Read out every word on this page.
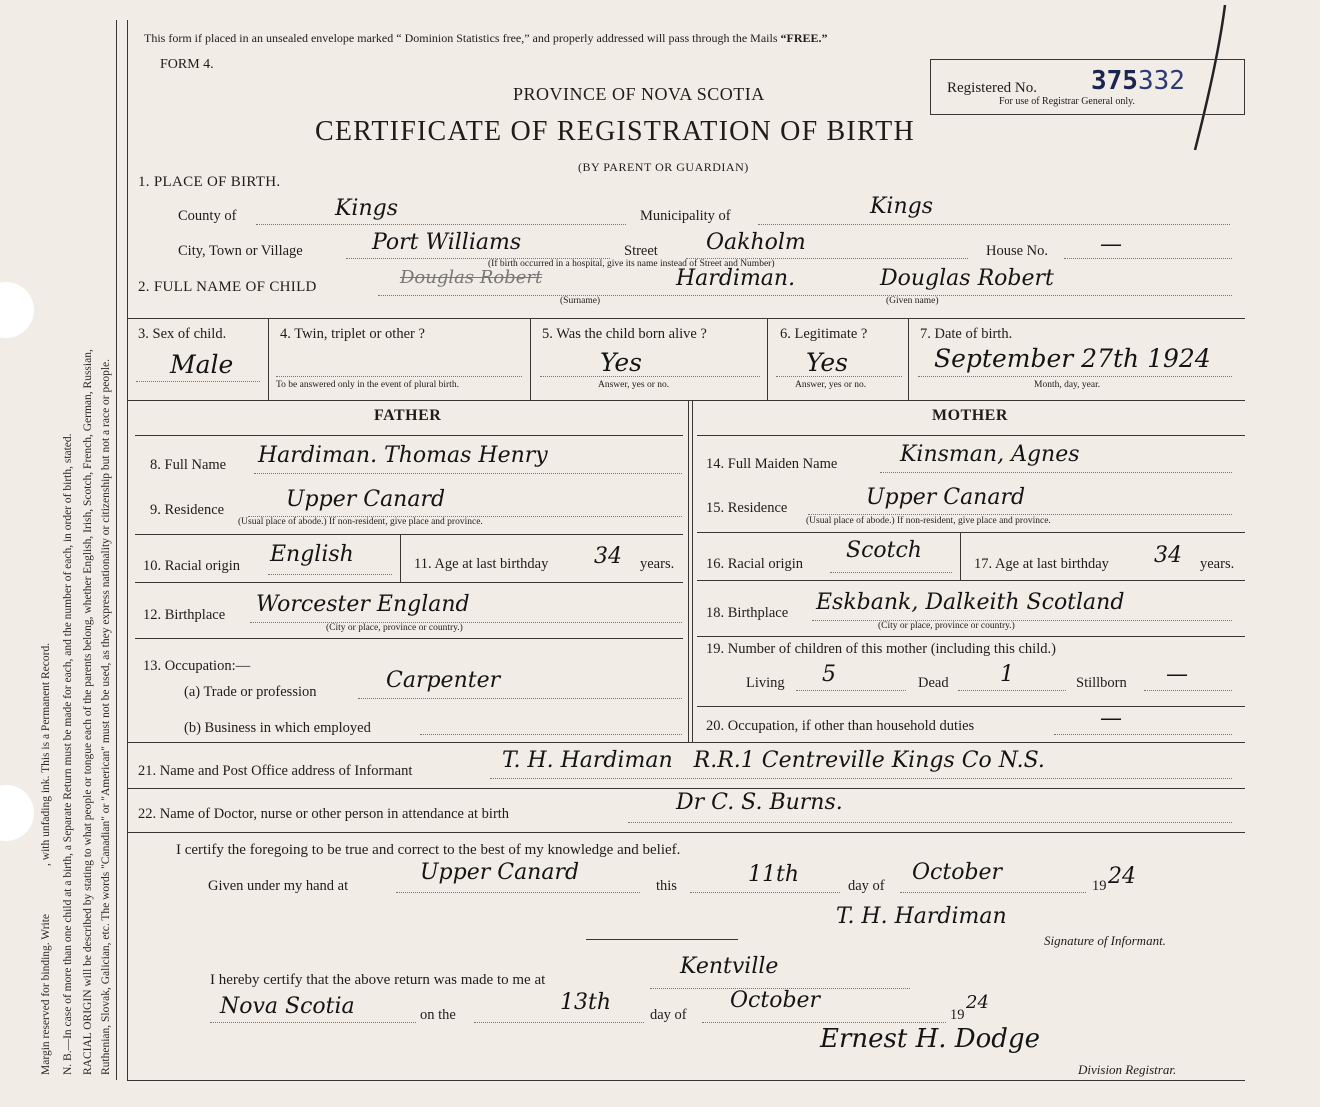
Margin reserved for binding. Write, with unfading ink. This is a Permanent Record. N. B.—In case of more than one child at a birth, a Separate Return must be made for each, and the number of each, in order of birth, stated. RACIAL ORIGIN will be described by stating to what people or tongue each of the parents belong, whether English, Irish, Scotch, French, German, Russian, Ruthenian, Slovak, Galician, etc. The words "Canadian" or "American" must not be used, as they express nationality or citizenship but not a race or people.
This form if placed in an unsealed envelope marked “ Dominion Statistics free,” and properly addressed will pass through the Mails “FREE.”
FORM 4.
PROVINCE OF NOVA SCOTIA
CERTIFICATE OF REGISTRATION OF BIRTH
(BY PARENT OR GUARDIAN)
Registered No. 375332
For use of Registrar General only.
1. PLACE OF BIRTH.
County of	Kings	Municipality of	Kings
City, Town or Village	Port Williams	Street Oakholm	House No. —
(If birth occurred in a hospital, give its name instead of Street and Number)
2. FULL NAME OF CHILD	Douglas Robert	Hardiman.	Douglas Robert
(Surname)	(Given name)
3. Sex of child.
Male
4. Twin, triplet or other ?
To be answered only in the event of plural birth.
5. Was the child born alive ?
Yes
Answer, yes or no.
6. Legitimate ?
Yes
Answer, yes or no.
7. Date of birth.
September 27th 1924
Month, day, year.
FATHER	MOTHER
8. Full Name Hardiman. Thomas Henry
9. Residence	Upper Canard
(Usual place of abode.) If non-resident, give place and province.
10. Racial origin English	11. Age at last birthday 34 years.
12. Birthplace Worcester England
(City or place, province or country.)
13. Occupation:—
(a) Trade or profession	Carpenter
(b) Business in which employed
14. Full Maiden Name	Kinsman, Agnes
15. Residence	Upper Canard
(Usual place of abode.) If non-resident, give place and province.
16. Racial origin
Scotch
17. Age at last birthday 34 years.
18. Birthplace Eskbank, Dalkeith Scotland
(City or place, province or country.)
19. Number of children of this mother (including this child.)
Living 5	Dead 1	Stillborn —
20. Occupation, if other than household duties	—
21. Name and Post Office address of Informant	T. H. Hardiman   R.R.1 Centreville Kings Co N.S.
22. Name of Doctor, nurse or other person in attendance at birth	Dr C. S. Burns.
I certify the foregoing to be true and correct to the best of my knowledge and belief.
Given under my hand at
Upper Canard
this	11th	day of
October
19 24
T. H. Hardiman
Signature of Informant.
I hereby certify that the above return was made to me at
Kentville
Nova Scotia	on the	13th	day of
October
19
24
Ernest H. Dodge
Division Registrar.
